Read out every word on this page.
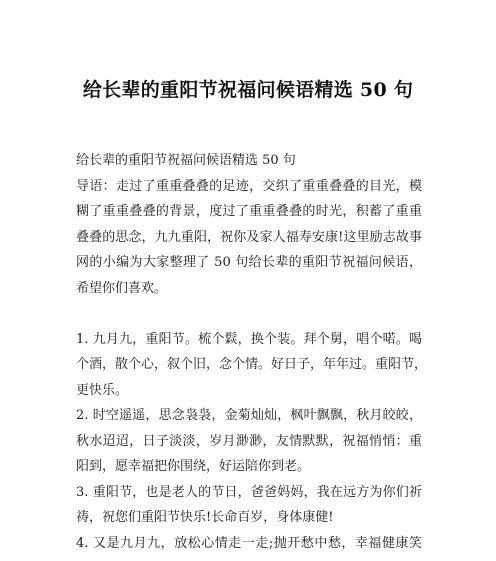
给长辈的重阳节祝福问候语精选 50 句
给长辈的重阳节祝福问候语精选 50 句
导语：走过了重重叠叠的足迹，交织了重重叠叠的目光，模
糊了重重叠叠的背景，度过了重重叠叠的时光，积蓄了重重
叠叠的思念，九九重阳，祝你及家人福寿安康!这里励志故事
网的小编为大家整理了 50 句给长辈的重阳节祝福问候语，
希望你们喜欢。
1. 九月九，重阳节。梳个鬏，换个装。拜个舅，唱个喏。喝
个酒，散个心，叙个旧，念个情。好日子，年年过。重阳节，
更快乐。
2. 时空遥遥，思念袅袅，金菊灿灿，枫叶飘飘，秋月皎皎，
秋水迢迢，日子淡淡，岁月渺渺，友情默默，祝福悄悄：重
阳到，愿幸福把你围绕，好运陪你到老。
3. 重阳节，也是老人的节日，爸爸妈妈，我在远方为你们祈
祷，祝您们重阳节快乐!长命百岁，身体康健!
4. 又是九月九，放松心情走一走;抛开愁中愁，幸福健康笑
